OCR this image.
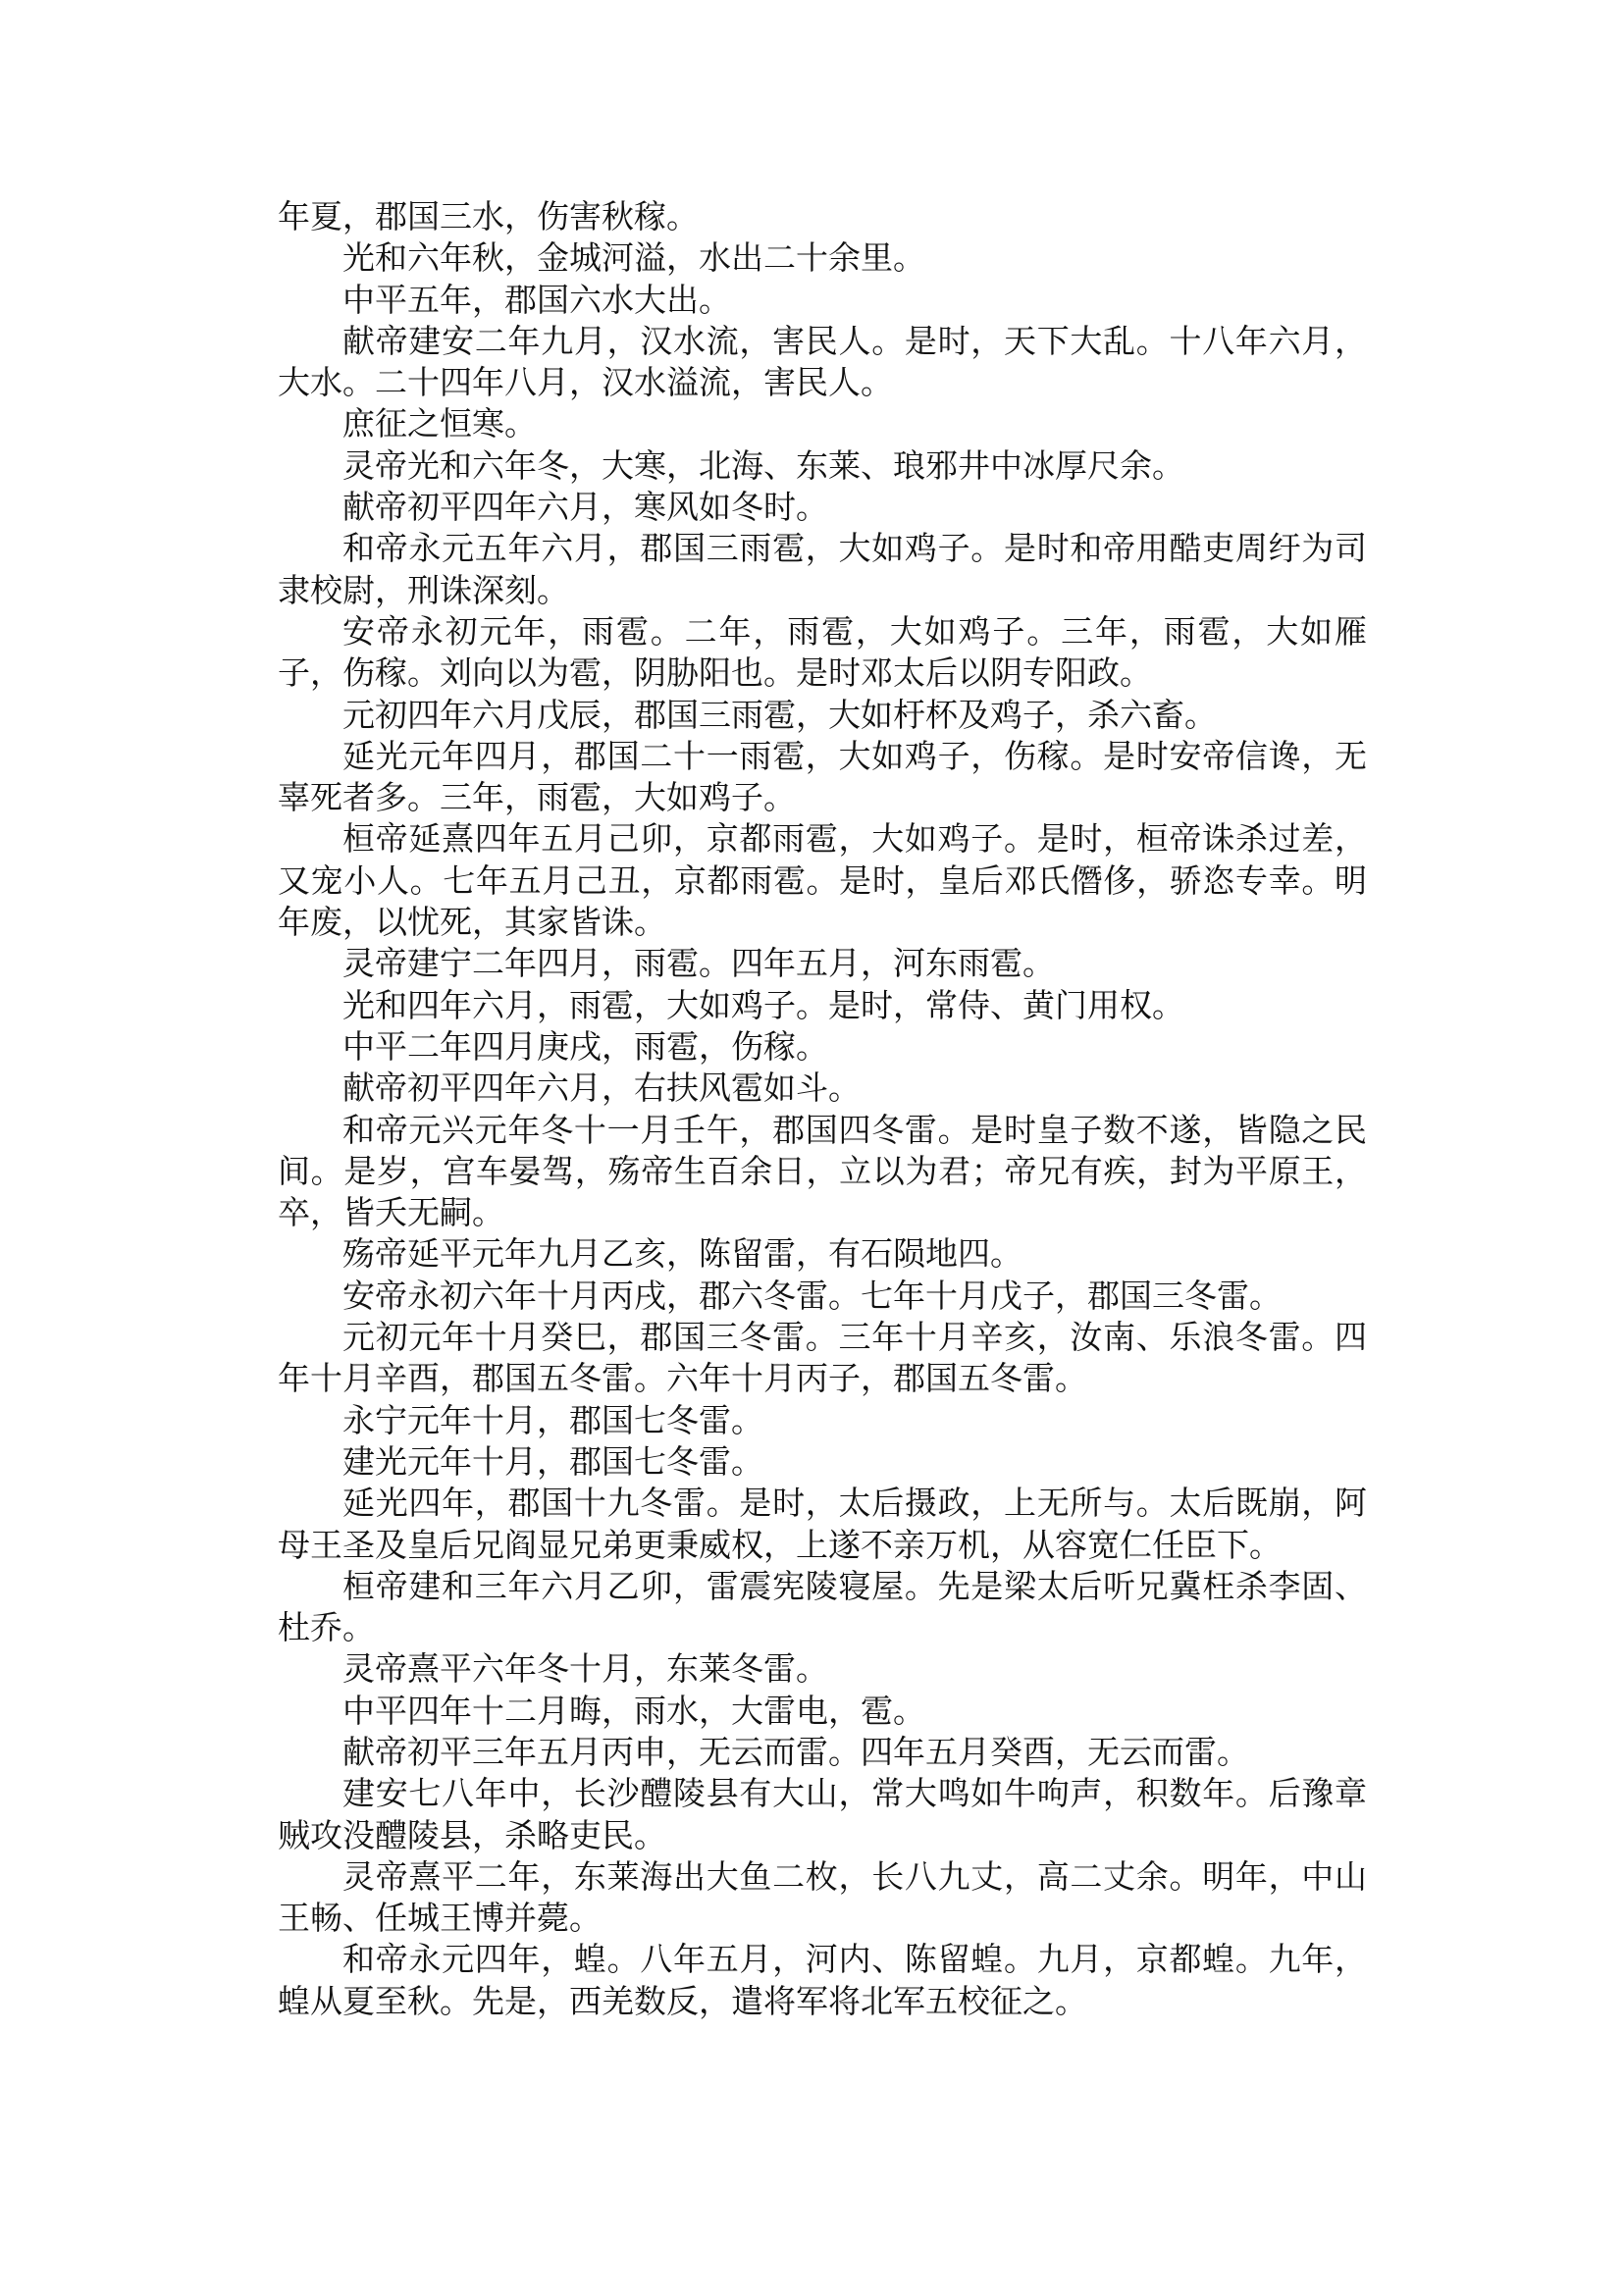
年夏，郡国三水，伤害秋稼。

光和六年秋，金城河溢，水出二十余里。

中平五年，郡国六水大出。

献帝建安二年九月，汉水流，害民人。是时，天下大乱。十八年六月，大水。二十四年八月，汉水溢流，害民人。

庶征之恒寒。

灵帝光和六年冬，大寒，北海、东莱、琅邪井中冰厚尺余。

献帝初平四年六月，寒风如冬时。

和帝永元五年六月，郡国三雨雹，大如鸡子。是时和帝用酷吏周纡为司隶校尉，刑诛深刻。

安帝永初元年，雨雹。二年，雨雹，大如鸡子。三年，雨雹，大如雁子，伤稼。刘向以为雹，阴胁阳也。是时邓太后以阴专阳政。

元初四年六月戊辰，郡国三雨雹，大如杅杯及鸡子，杀六畜。

延光元年四月，郡国二十一雨雹，大如鸡子，伤稼。是时安帝信谗，无辜死者多。三年，雨雹，大如鸡子。

桓帝延熹四年五月己卯，京都雨雹，大如鸡子。是时，桓帝诛杀过差，又宠小人。七年五月己丑，京都雨雹。是时，皇后邓氏僭侈，骄恣专幸。明年废，以忧死，其家皆诛。

灵帝建宁二年四月，雨雹。四年五月，河东雨雹。

光和四年六月，雨雹，大如鸡子。是时，常侍、黄门用权。

中平二年四月庚戌，雨雹，伤稼。

献帝初平四年六月，右扶风雹如斗。

和帝元兴元年冬十一月壬午，郡国四冬雷。是时皇子数不遂，皆隐之民间。是岁，宫车晏驾，殇帝生百余日，立以为君；帝兄有疾，封为平原王，卒，皆夭无嗣。

殇帝延平元年九月乙亥，陈留雷，有石陨地四。

安帝永初六年十月丙戌，郡六冬雷。七年十月戊子，郡国三冬雷。

元初元年十月癸巳，郡国三冬雷。三年十月辛亥，汝南、乐浪冬雷。四年十月辛酉，郡国五冬雷。六年十月丙子，郡国五冬雷。

永宁元年十月，郡国七冬雷。

建光元年十月，郡国七冬雷。

延光四年，郡国十九冬雷。是时，太后摄政，上无所与。太后既崩，阿母王圣及皇后兄阎显兄弟更秉威权，上遂不亲万机，从容宽仁任臣下。

桓帝建和三年六月乙卯，雷震宪陵寝屋。先是梁太后听兄冀枉杀李固、杜乔。

灵帝熹平六年冬十月，东莱冬雷。

中平四年十二月晦，雨水，大雷电，雹。

献帝初平三年五月丙申，无云而雷。四年五月癸酉，无云而雷。

建安七八年中，长沙醴陵县有大山，常大鸣如牛呴声，积数年。后豫章贼攻没醴陵县，杀略吏民。

灵帝熹平二年，东莱海出大鱼二枚，长八九丈，高二丈余。明年，中山王畅、任城王博并薨。

和帝永元四年，蝗。八年五月，河内、陈留蝗。九月，京都蝗。九年，蝗从夏至秋。先是，西羌数反，遣将军将北军五校征之。
